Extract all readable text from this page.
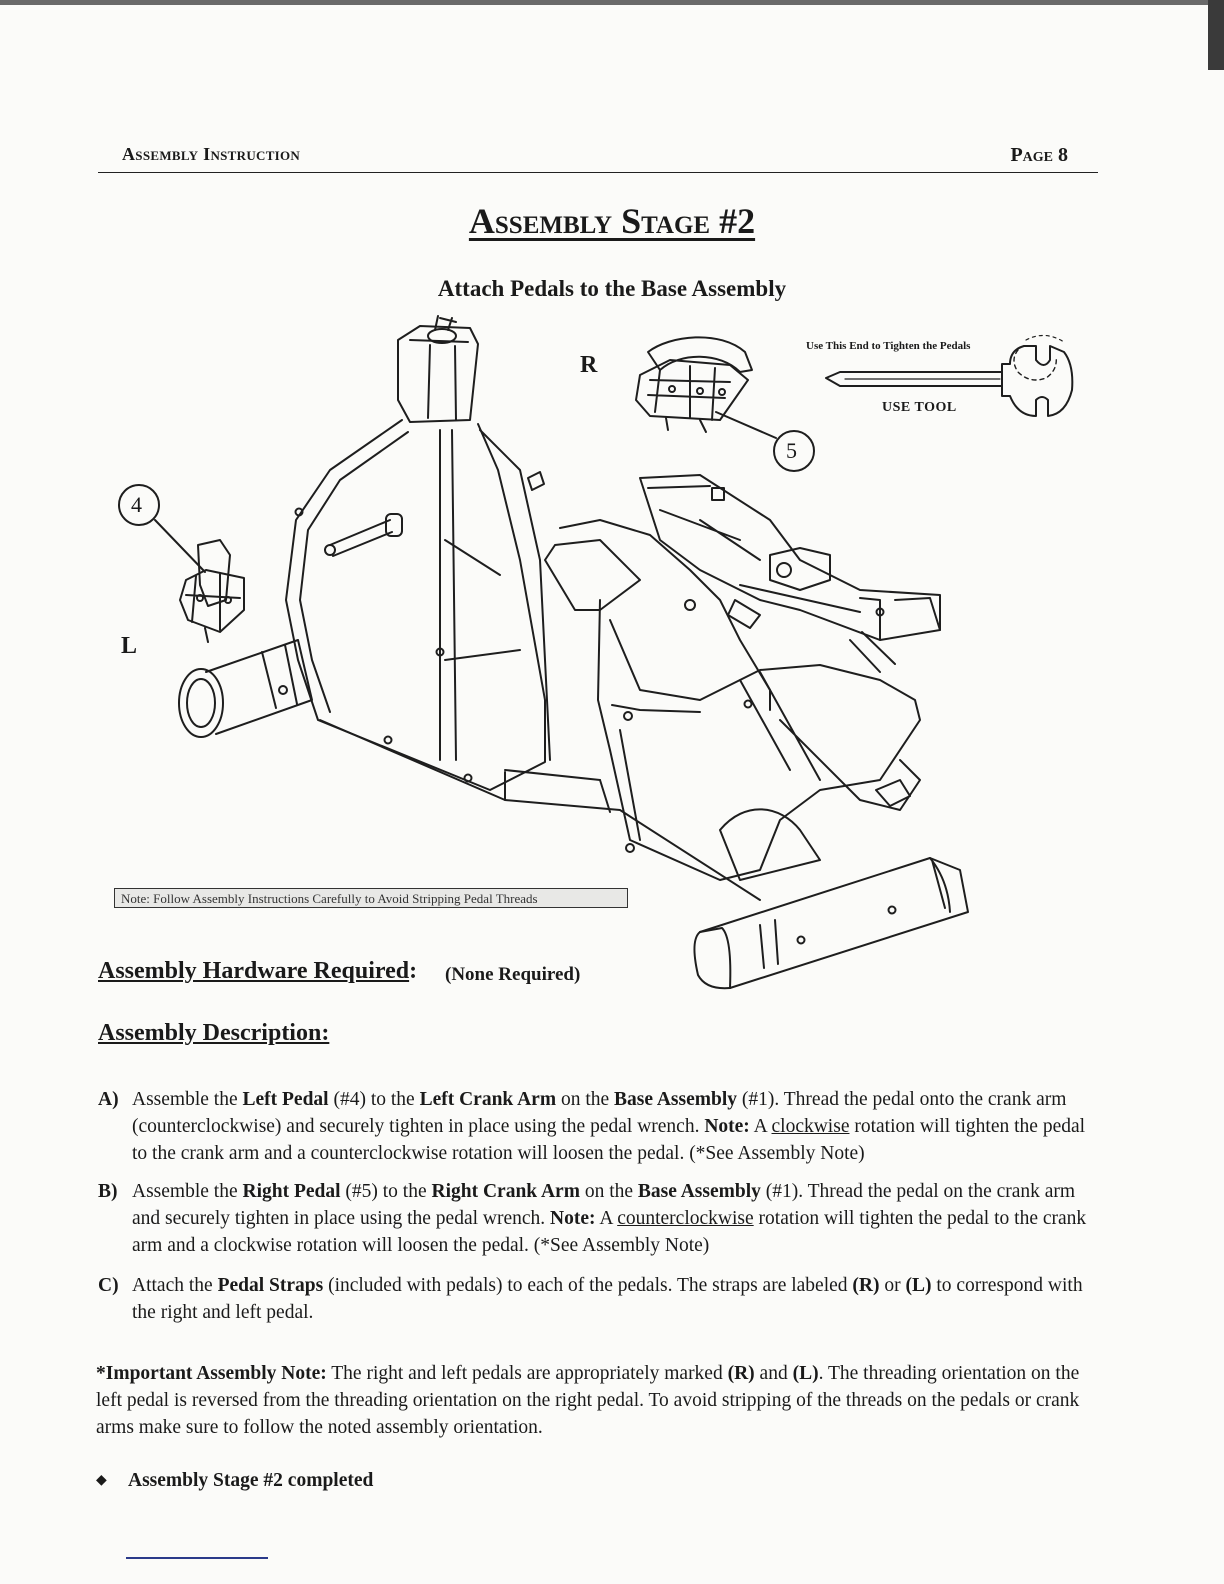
Assembly Instruction	Page 8
Assembly Stage #2
Attach Pedals to the Base Assembly
R
L
4
5
Use This End to Tighten the Pedals
USE TOOL
Note: Follow Assembly Instructions Carefully to Avoid Stripping Pedal Threads
Assembly Hardware Required: (None Required)
Assembly Description:
A) Assemble the Left Pedal (#4) to the Left Crank Arm on the Base Assembly (#1). Thread the pedal onto the crank arm (counterclockwise) and securely tighten in place using the pedal wrench. Note: A clockwise rotation will tighten the pedal to the crank arm and a counterclockwise rotation will loosen the pedal. (*See Assembly Note)
B) Assemble the Right Pedal (#5) to the Right Crank Arm on the Base Assembly (#1). Thread the pedal on the crank arm and securely tighten in place using the pedal wrench. Note: A counterclockwise rotation will tighten the pedal to the crank arm and a clockwise rotation will loosen the pedal. (*See Assembly Note)
C) Attach the Pedal Straps (included with pedals) to each of the pedals. The straps are labeled (R) or (L) to correspond with the right and left pedal.
*Important Assembly Note: The right and left pedals are appropriately marked (R) and (L). The threading orientation on the left pedal is reversed from the threading orientation on the right pedal. To avoid stripping of the threads on the pedals or crank arms make sure to follow the noted assembly orientation.
◆ Assembly Stage #2 completed
